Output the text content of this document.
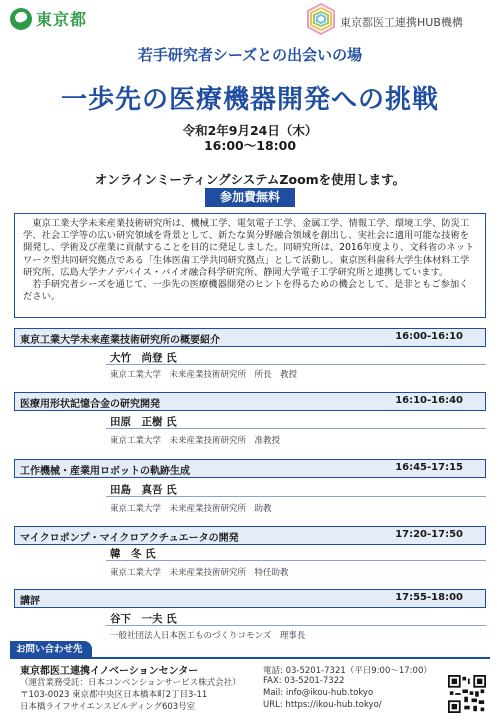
東京都	東京都医工連携HUB機構
若手研究者シーズとの出会いの場
一歩先の医療機器開発への挑戦
令和2年9月24日（木）
16:00〜18:00
オンラインミーティングシステムZoomを使用します。
参加費無料

東京工業大学未来産業技術研究所は、機械工学、電気電子工学、金属工学、情報工学、環境工学、防災工学、社会工学等の広い研究領域を背景として、新たな異分野融合領域を創出し、実社会に適用可能な技術を開発し、学術及び産業に貢献することを目的に発足しました。同研究所は、2016年度より、文科省のネットワーク型共同研究拠点である「生体医歯工学共同研究拠点」として活動し、東京医科歯科大学生体材料工学研究所、広島大学ナノデバイス・バイオ融合科学研究所、静岡大学電子工学研究所と連携しています。

若手研究者シーズを通じて、一歩先の医療機器開発のヒントを得るための機会として、是非ともご参加ください。

東京工業大学未来産業技術研究所の概要紹介	16:00-16:10
大竹　尚登 氏
東京工業大学　未来産業技術研究所　所長　教授
医療用形状記憶合金の研究開発	16:10-16:40
田原　正樹 氏
東京工業大学　未来産業技術研究所　准教授
工作機械・産業用ロボットの軌跡生成	16:45-17:15
田島　真吾 氏
東京工業大学　未来産業技術研究所　助教
マイクロポンプ・マイクロアクチュエータの開発	17:20-17:50
韓　冬 氏
東京工業大学　未来産業技術研究所　特任助教
講評	17:55-18:00
谷下　一夫 氏
一般社団法人日本医工ものづくりコモンズ　理事長
お問い合わせ先
東京都医工連携イノベーションセンター
（運営業務受託：日本コンベンションサービス株式会社）
〒103-0023 東京都中央区日本橋本町2丁目3-11
日本橋ライフサイエンスビルディング603号室
電話: 03-5201-7321（平日9:00〜17:00）
FAX: 03-5201-7322
Mail: info@ikou-hub.tokyo
URL: https://ikou-hub.tokyo/
